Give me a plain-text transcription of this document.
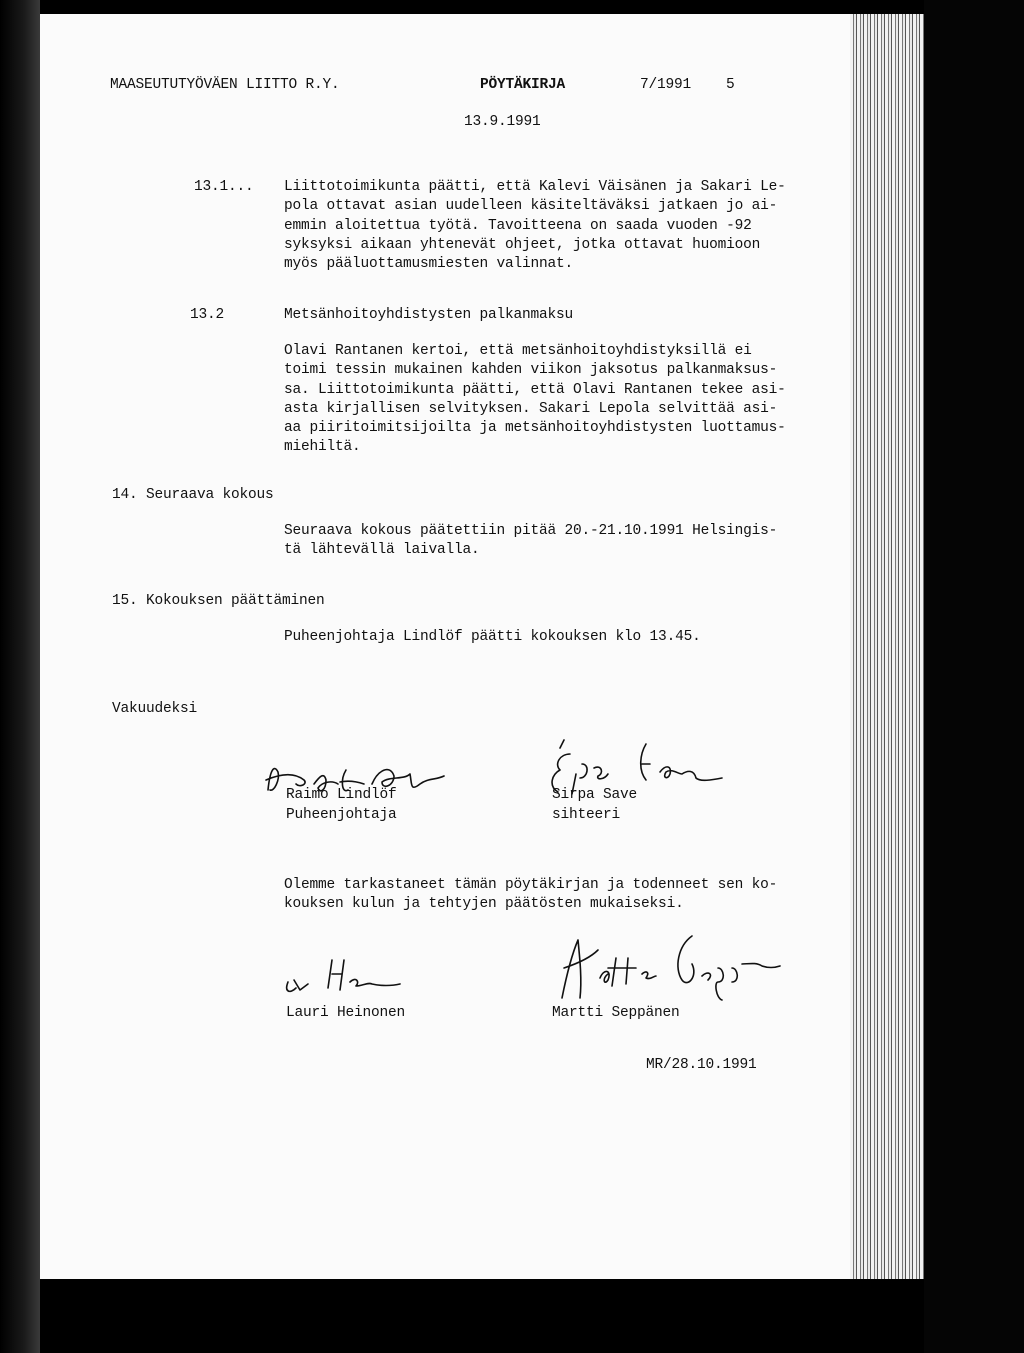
MAASEUTUTYÖVÄEN LIITTO R.Y.	PÖYTÄKIRJA	7/1991 5
13.9.1991
13.1... Liittotoimikunta päätti, että Kalevi Väisänen ja Sakari Le-
pola ottavat asian uudelleen käsiteltäväksi jatkaen jo ai-
emmin aloitettua työtä. Tavoitteena on saada vuoden -92
syksyksi aikaan yhtenevät ohjeet, jotka ottavat huomioon
myös pääluottamusmiesten valinnat.
13.2	Metsänhoitoyhdistysten palkanmaksu
Olavi Rantanen kertoi, että metsänhoitoyhdistyksillä ei
toimi tessin mukainen kahden viikon jaksotus palkanmaksus-
sa. Liittotoimikunta päätti, että Olavi Rantanen tekee asi-
asta kirjallisen selvityksen. Sakari Lepola selvittää asi-
aa piiritoimitsijoilta ja metsänhoitoyhdistysten luottamus-
miehiltä.
14. Seuraava kokous
Seuraava kokous päätettiin pitää 20.-21.10.1991 Helsingis-
tä lähtevällä laivalla.
15. Kokouksen päättäminen
Puheenjohtaja Lindlöf päätti kokouksen klo 13.45.
Vakuudeksi
Raimo Lindlöf
Puheenjohtaja
Sirpa Save
sihteeri
Olemme tarkastaneet tämän pöytäkirjan ja todenneet sen ko-
kouksen kulun ja tehtyjen päätösten mukaiseksi.
Lauri Heinonen	Martti Seppänen
MR/28.10.1991
